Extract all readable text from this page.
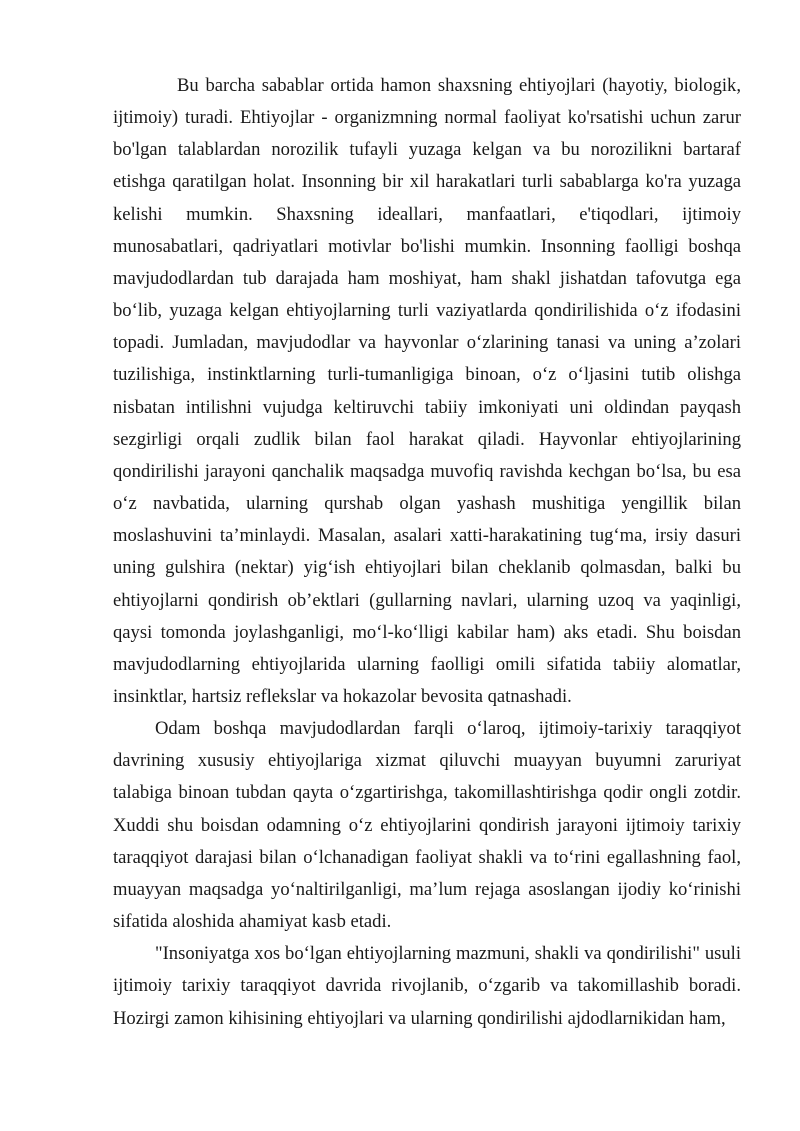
Bu barcha sabablar ortida hamon shaxsning ehtiyojlari (hayotiy, biologik, ijtimoiy) turadi. Ehtiyojlar - organizmning normal faoliyat ko'rsatishi uchun zarur bo'lgan talablardan norozilik tufayli yuzaga kelgan va bu norozilikni bartaraf etishga qaratilgan holat. Insonning bir xil harakatlari turli sabablarga ko'ra yuzaga kelishi mumkin. Shaxsning ideallari, manfaatlari, e'tiqodlari, ijtimoiy munosabatlari, qadriyatlari motivlar bo'lishi mumkin. Insonning faolligi boshqa mavjudodlardan tub darajada ham moshiyat, ham shakl jishatdan tafovutga ega bo‘lib, yuzaga kelgan ehtiyojlarning turli vaziyatlarda qondirilishida o‘z ifodasini topadi. Jumladan, mavjudodlar va hayvonlar o‘zlarining tanasi va uning a’zolari tuzilishiga, instinktlarning turli-tumanligiga binoan, o‘z o‘ljasini tutib olishga nisbatan intilishni vujudga keltiruvchi tabiiy imkoniyati uni oldindan payqash sezgirligi orqali zudlik bilan faol harakat qiladi. Hayvonlar ehtiyojlarining qondirilishi jarayoni qanchalik maqsadga muvofiq ravishda kechgan bo‘lsa, bu esa o‘z navbatida, ularning qurshab olgan yashash mushitiga yengillik bilan moslashuvini ta’minlaydi. Masalan, asalari xatti-harakatining tug‘ma, irsiy dasuri uning gulshira (nektar) yig‘ish ehtiyojlari bilan cheklanib qolmasdan, balki bu ehtiyojlarni qondirish ob’ektlari (gullarning navlari, ularning uzoq va yaqinligi, qaysi tomonda joylashganligi, mo‘l-ko‘lligi kabilar ham) aks etadi. Shu boisdan mavjudodlarning ehtiyojlarida ularning faolligi omili sifatida tabiiy alomatlar, insinktlar, hartsiz reflekslar va hokazolar bevosita qatnashadi.

Odam boshqa mavjudodlardan farqli o‘laroq, ijtimoiy-tarixiy taraqqiyot davrining xususiy ehtiyojlariga xizmat qiluvchi muayyan buyumni zaruriyat talabiga binoan tubdan qayta o‘zgartirishga, takomillashtirishga qodir ongli zotdir. Xuddi shu boisdan odamning o‘z ehtiyojlarini qondirish jarayoni ijtimoiy tarixiy taraqqiyot darajasi bilan o‘lchanadigan faoliyat shakli va to‘rini egallashning faol, muayyan maqsadga yo‘naltirilganligi, ma’lum rejaga asoslangan ijodiy ko‘rinishi sifatida aloshida ahamiyat kasb etadi.

"Insoniyatga xos bo‘lgan ehtiyojlarning mazmuni, shakli va qondirilishi" usuli ijtimoiy tarixiy taraqqiyot davrida rivojlanib, o‘zgarib va takomillashib boradi. Hozirgi zamon kihisining ehtiyojlari va ularning qondirilishi ajdodlarnikidan ham,
